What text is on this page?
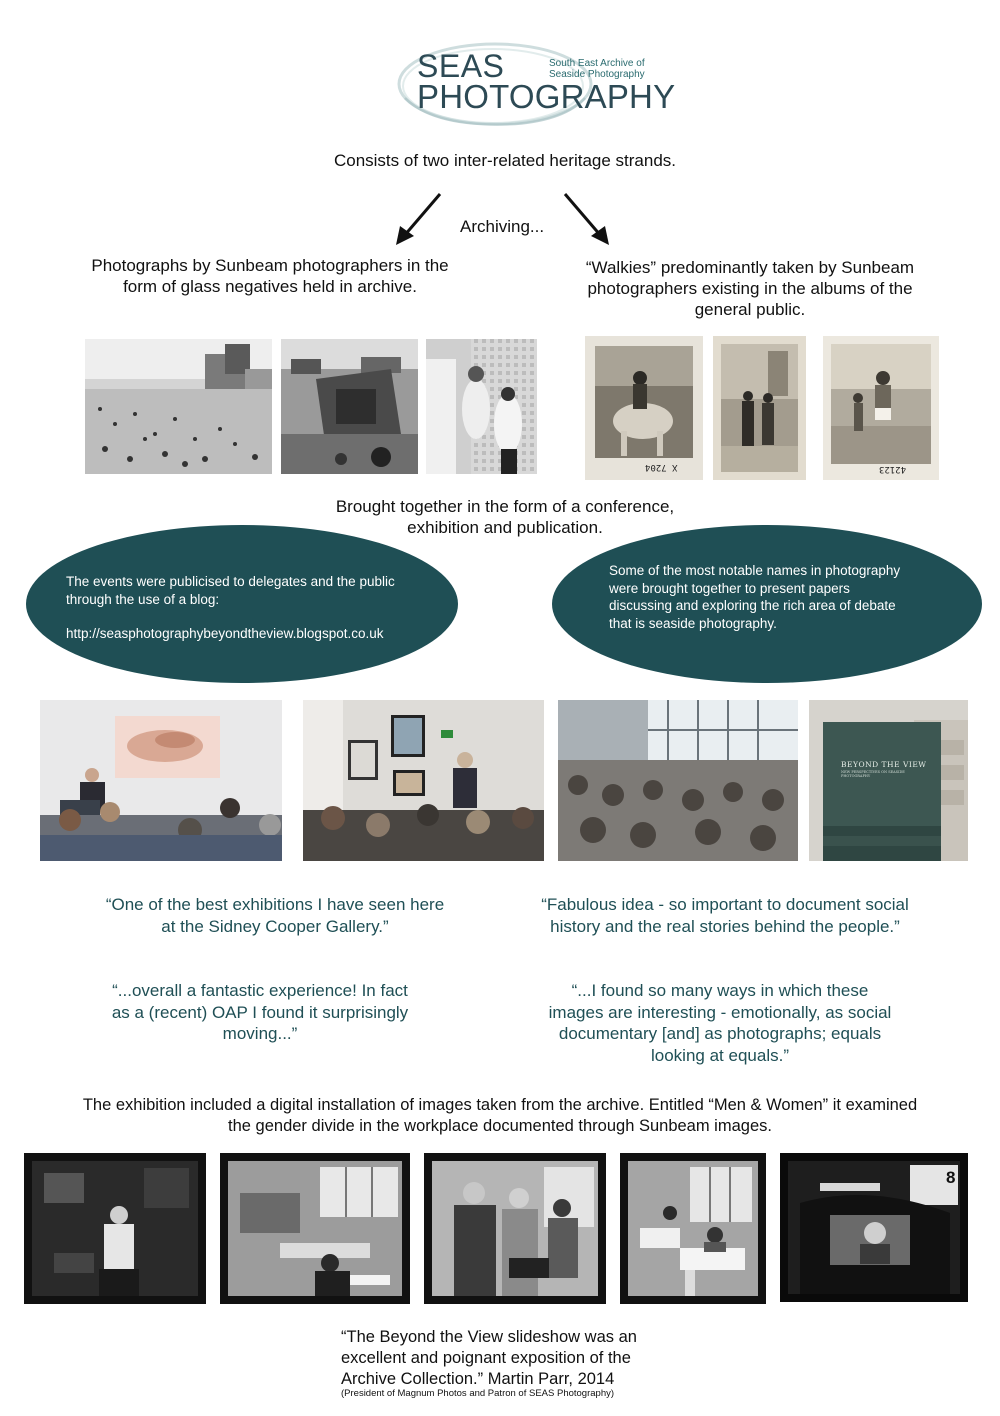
SEAS
PHOTOGRAPHY
South East Archive of
Seaside Photography
Consists of two inter-related heritage strands.
Archiving...
Photographs by Sunbeam photographers in the
form of glass negatives held in archive.
“Walkies” predominantly taken by Sunbeam
photographers existing in the albums of the
general public.
X 7204	42123
Brought together in the form of a conference,
exhibition and publication.
The events were publicised to delegates and the public
through the use of a blog:
http://seasphotographybeyondtheview.blogspot.co.uk
Some of the most notable names in photography
were brought together to present papers
discussing and exploring the rich area of debate
that is seaside photography.
BEYOND THE VIEW
NEW PERSPECTIVES ON SEASIDE PHOTOGRAPHY
“One of the best exhibitions I have seen here
at the Sidney Cooper Gallery.”
“Fabulous idea - so important to document social
history and the real stories behind the people.”
“...overall a fantastic experience! In fact
as a (recent) OAP I found it surprisingly
moving...”
“...I found so many ways in which these
images are interesting - emotionally, as social
documentary [and] as photographs; equals
looking at equals.”
The exhibition included a digital installation of images taken from the archive. Entitled “Men & Women” it examined
the gender divide in the workplace documented through Sunbeam images.
8
“The Beyond the View slideshow was an
excellent and poignant exposition of the
Archive Collection.” Martin Parr, 2014
(President of Magnum Photos and Patron of SEAS Photography)
